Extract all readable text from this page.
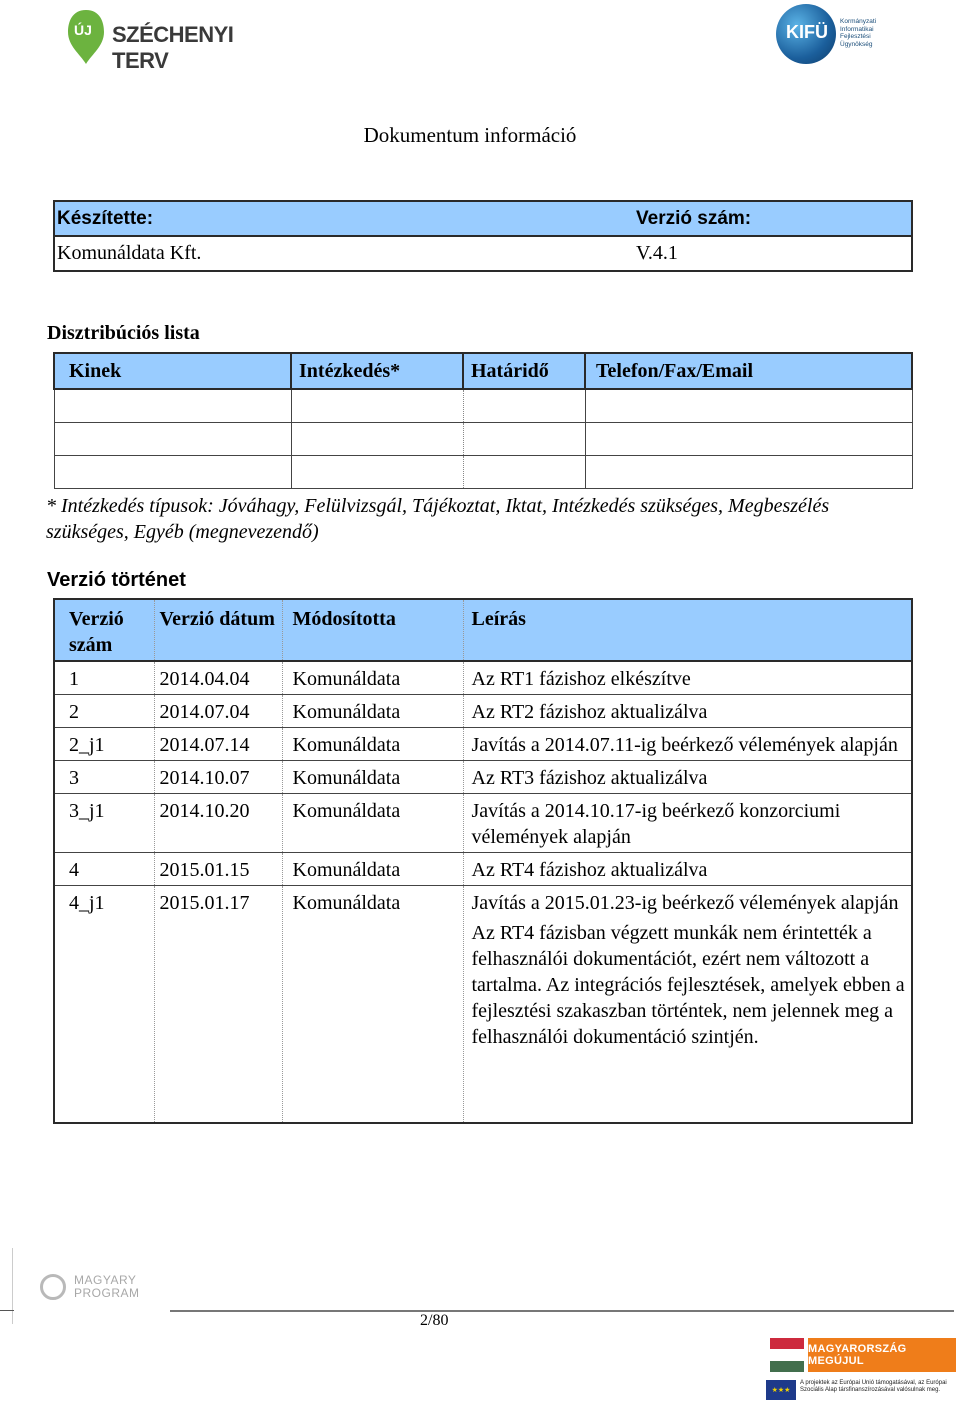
ÚJ SZÉCHENYI TERV
KIFÜ
Kormányzati Informatikai Fejlesztési Ügynökség
Dokumentum információ
Készítette:	Verzió szám:

Komunáldata Kft.	V.4.1
Disztribúciós lista
Kinek	Intézkedés*	Határidő	Telefon/Fax/Email

* Intézkedés típusok: Jóváhagy, Felülvizsgál, Tájékoztat, Iktat, Intézkedés szükséges, Megbeszélés szükséges, Egyéb (megnevezendő)
Verzió történet
Verzió szám	Verzió dátum	Módosította	Leírás
1	2014.04.04	Komunáldata	Az RT1 fázishoz elkészítve
2	2014.07.04	Komunáldata	Az RT2 fázishoz aktualizálva
2_j1	2014.07.14	Komunáldata	Javítás a 2014.07.11-ig beérkező vélemények alapján
3	2014.10.07	Komunáldata	Az RT3 fázishoz aktualizálva
3_j1	2014.10.20	Komunáldata	Javítás a 2014.10.17-ig beérkező konzorciumi vélemények alapján
4	2015.01.15	Komunáldata	Az RT4 fázishoz aktualizálva
4_j1	2015.01.17	Komunáldata	Javítás a 2015.01.23-ig beérkező vélemények alapján
Az RT4 fázisban végzett munkák nem érintették a felhasználói dokumentációt, ezért nem változott a tartalma. Az integrációs fejlesztések, amelyek ebben a fejlesztési szakaszban történtek, nem jelennek meg a felhasználói dokumentáció szintjén.
MAGYARY PROGRAM
2/80
MAGYARORSZÁG MEGÚJUL
★★★
A projektek az Európai Unió támogatásával, az Európai Szociális Alap társfinanszírozásával valósulnak meg.
